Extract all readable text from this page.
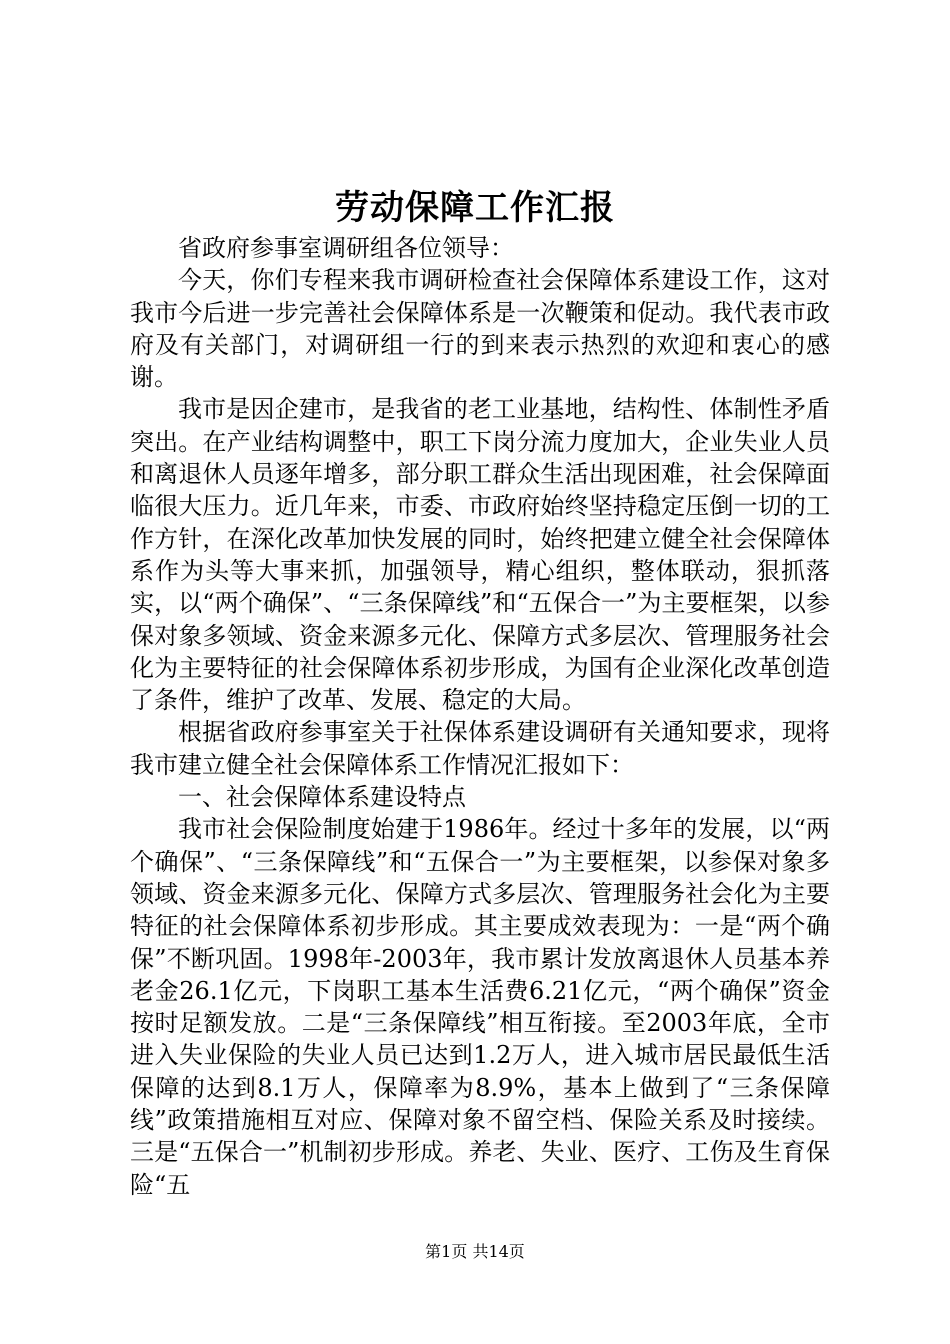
劳动保障工作汇报

省政府参事室调研组各位领导：

今天，你们专程来我市调研检查社会保障体系建设工作，这对我市今后进一步完善社会保障体系是一次鞭策和促动。我代表市政府及有关部门，对调研组一行的到来表示热烈的欢迎和衷心的感谢。

我市是因企建市，是我省的老工业基地，结构性、体制性矛盾突出。在产业结构调整中，职工下岗分流力度加大，企业失业人员和离退休人员逐年增多，部分职工群众生活出现困难，社会保障面临很大压力。近几年来，市委、市政府始终坚持稳定压倒一切的工作方针，在深化改革加快发展的同时，始终把建立健全社会保障体系作为头等大事来抓，加强领导，精心组织，整体联动，狠抓落实，以“两个确保”、“三条保障线”和“五保合一”为主要框架，以参保对象多领域、资金来源多元化、保障方式多层次、管理服务社会化为主要特征的社会保障体系初步形成，为国有企业深化改革创造了条件，维护了改革、发展、稳定的大局。

根据省政府参事室关于社保体系建设调研有关通知要求，现将我市建立健全社会保障体系工作情况汇报如下：

一、社会保障体系建设特点

我市社会保险制度始建于1986年。经过十多年的发展，以“两个确保”、“三条保障线”和“五保合一”为主要框架，以参保对象多领域、资金来源多元化、保障方式多层次、管理服务社会化为主要特征的社会保障体系初步形成。其主要成效表现为：一是“两个确保”不断巩固。1998年-2003年，我市累计发放离退休人员基本养老金26.1亿元，下岗职工基本生活费6.21亿元，“两个确保”资金按时足额发放。二是“三条保障线”相互衔接。至2003年底，全市进入失业保险的失业人员已达到1.2万人，进入城市居民最低生活保障的达到8.1万人，保障率为8.9%，基本上做到了“三条保障线”政策措施相互对应、保障对象不留空档、保险关系及时接续。三是“五保合一”机制初步形成。养老、失业、医疗、工伤及生育保险“五

第1页 共14页
